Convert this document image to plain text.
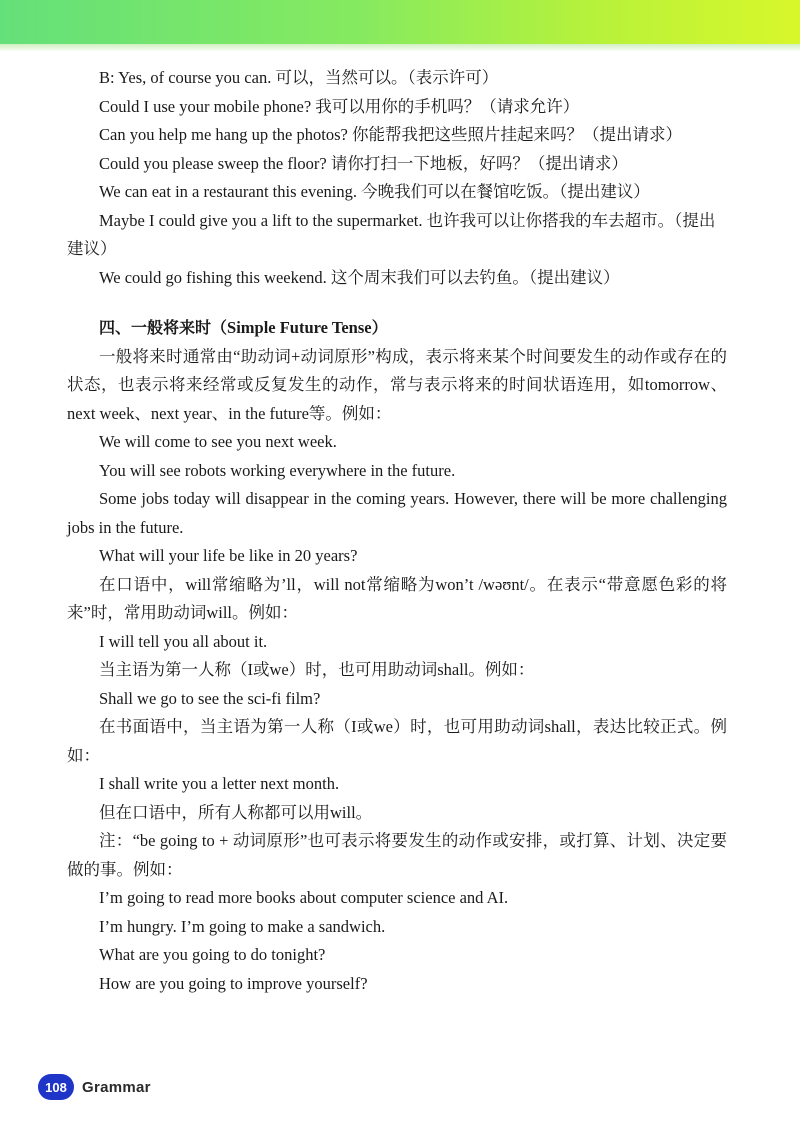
B: Yes, of course you can. 可以，当然可以。（表示许可）

Could I use your mobile phone? 我可以用你的手机吗？（请求允许）

Can you help me hang up the photos? 你能帮我把这些照片挂起来吗？（提出请求）

Could you please sweep the floor? 请你打扫一下地板，好吗？（提出请求）

We can eat in a restaurant this evening. 今晚我们可以在餐馆吃饭。（提出建议）

Maybe I could give you a lift to the supermarket. 也许我可以让你搭我的车去超市。（提出建议）

We could go fishing this weekend. 这个周末我们可以去钓鱼。（提出建议）

四、一般将来时（Simple Future Tense）

一般将来时通常由“助动词+动词原形”构成，表示将来某个时间要发生的动作或存在的状态，也表示将来经常或反复发生的动作，常与表示将来的时间状语连用，如tomorrow、next week、next year、in the future等。例如：

We will come to see you next week.

You will see robots working everywhere in the future.

Some jobs today will disappear in the coming years. However, there will be more challenging jobs in the future.

What will your life be like in 20 years?

在口语中，will常缩略为’ll，will not常缩略为won’t /wəʊnt/。在表示“带意愿色彩的将来”时，常用助动词will。例如：

I will tell you all about it.

当主语为第一人称（I或we）时，也可用助动词shall。例如：

Shall we go to see the sci-fi film?

在书面语中，当主语为第一人称（I或we）时，也可用助动词shall，表达比较正式。例如：

I shall write you a letter next month.

但在口语中，所有人称都可以用will。

注：“be going to + 动词原形”也可表示将要发生的动作或安排，或打算、计划、决定要做的事。例如：

I’m going to read more books about computer science and AI.

I’m hungry. I’m going to make a sandwich.

What are you going to do tonight?

How are you going to improve yourself?

108	Grammar
